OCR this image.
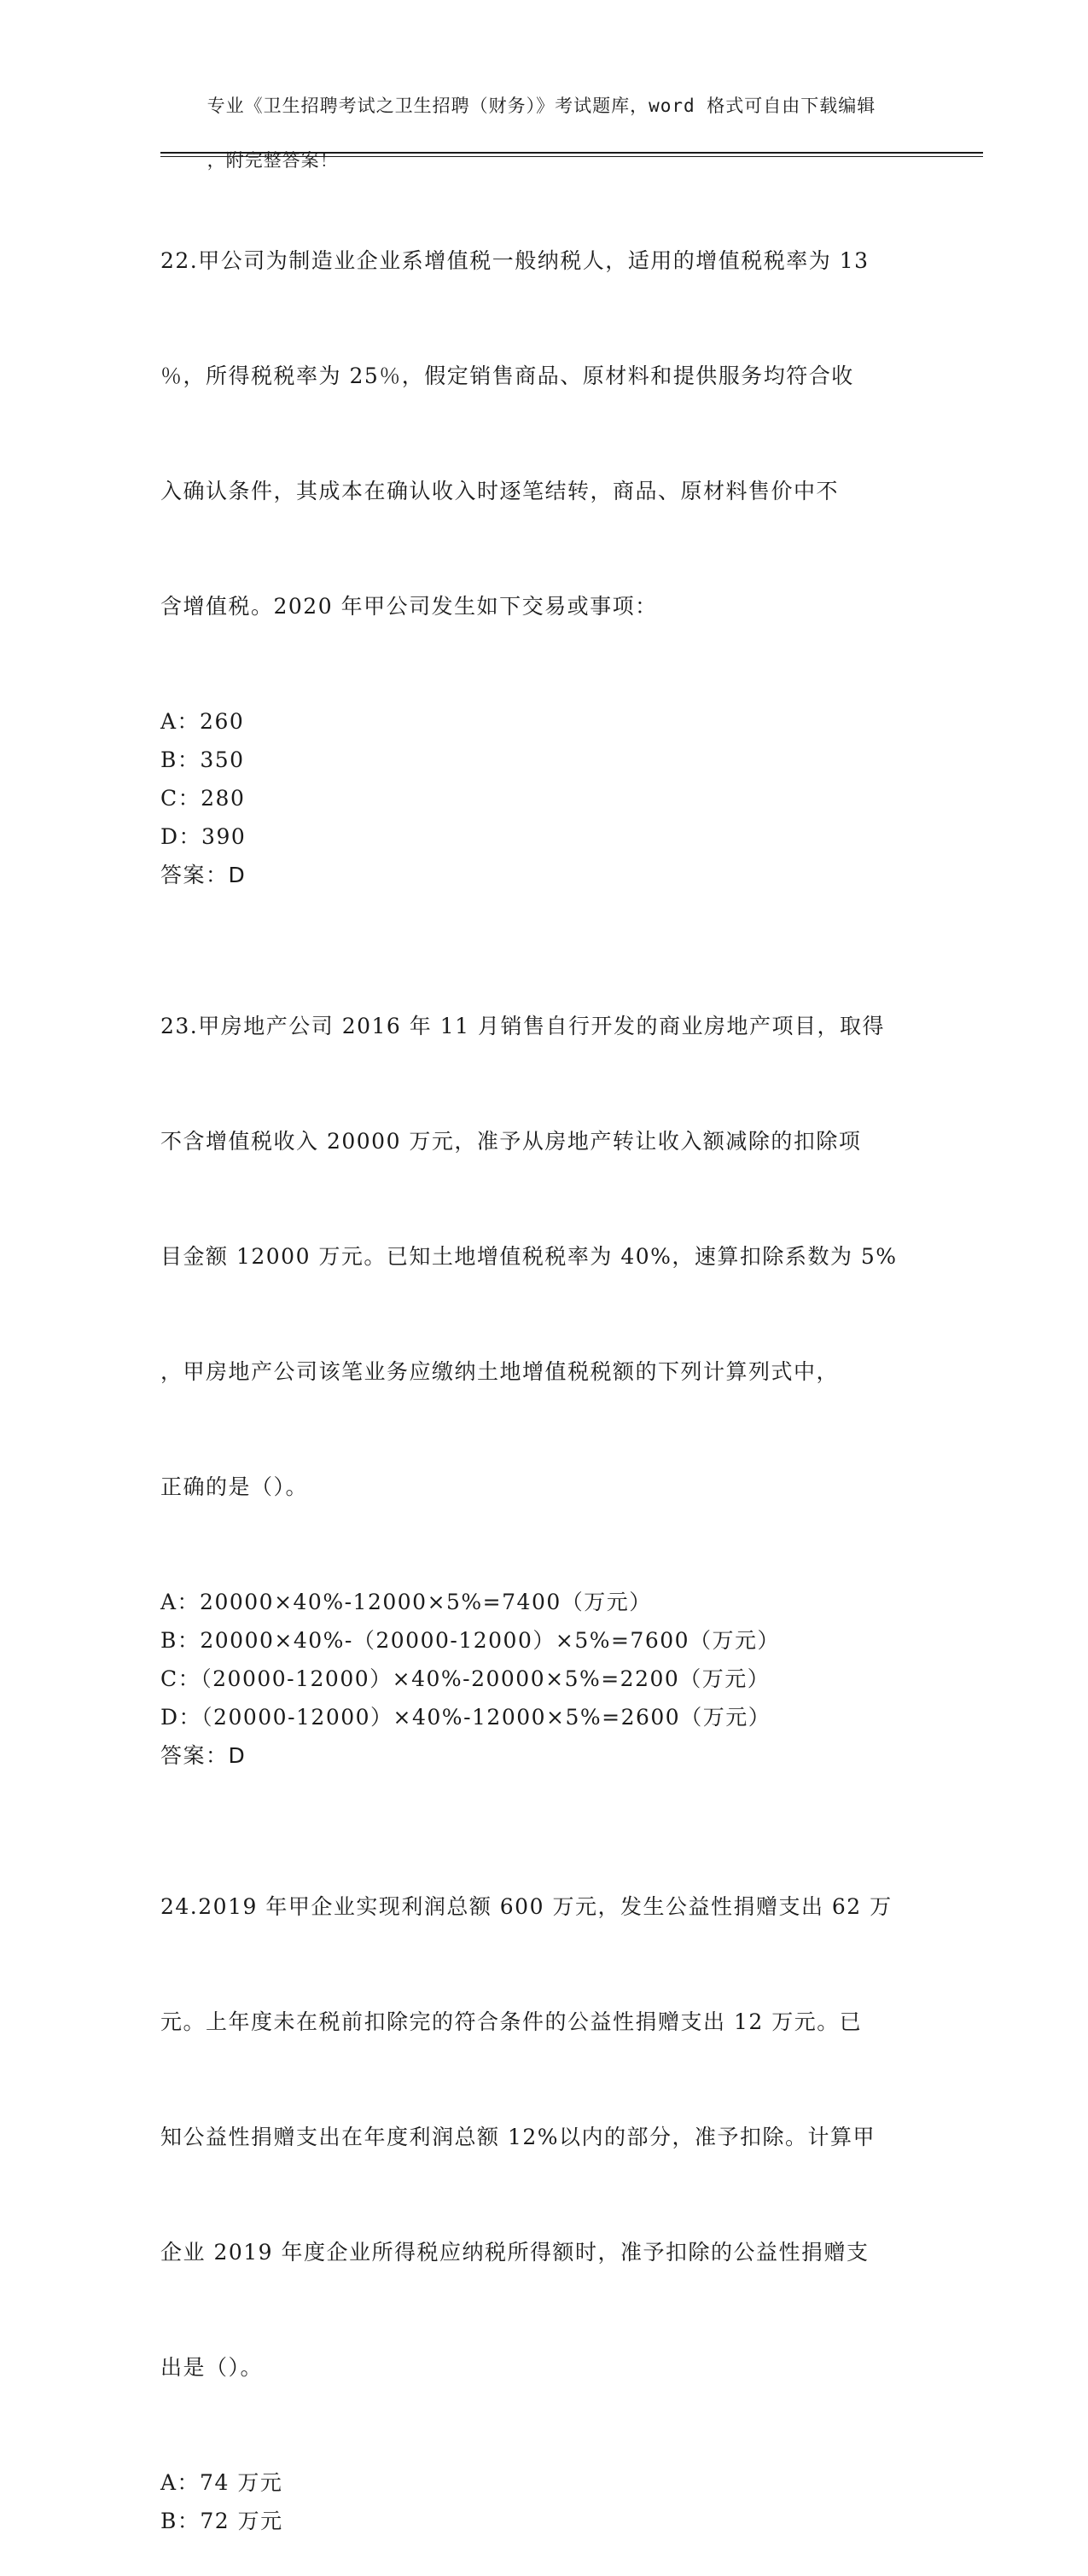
专业《卫生招聘考试之卫生招聘（财务）》考试题库，word 格式可自由下载编辑

，附完整答案！

22.甲公司为制造业企业系增值税一般纳税人，适用的增值税税率为 13

％，所得税税率为 25％，假定销售商品、原材料和提供服务均符合收

入确认条件，其成本在确认收入时逐笔结转，商品、原材料售价中不

含增值税。2020 年甲公司发生如下交易或事项：

A：260
B：350
C：280
D：390
答案：D

23.甲房地产公司 2016 年 11 月销售自行开发的商业房地产项目，取得

不含增值税收入 20000 万元，准予从房地产转让收入额减除的扣除项

目金额 12000 万元。已知土地增值税税率为 40%，速算扣除系数为 5%

，甲房地产公司该笔业务应缴纳土地增值税税额的下列计算列式中，

正确的是（）。

A：20000×40%-12000×5%=7400（万元）
B：20000×40%-（20000-12000）×5%=7600（万元）
C：（20000-12000）×40%-20000×5%=2200（万元）
D：（20000-12000）×40%-12000×5%=2600（万元）
答案：D

24.2019 年甲企业实现利润总额 600 万元，发生公益性捐赠支出 62 万

元。上年度未在税前扣除完的符合条件的公益性捐赠支出 12 万元。已

知公益性捐赠支出在年度利润总额 12%以内的部分，准予扣除。计算甲

企业 2019 年度企业所得税应纳税所得额时，准予扣除的公益性捐赠支

出是（）。

A：74 万元
B：72 万元
